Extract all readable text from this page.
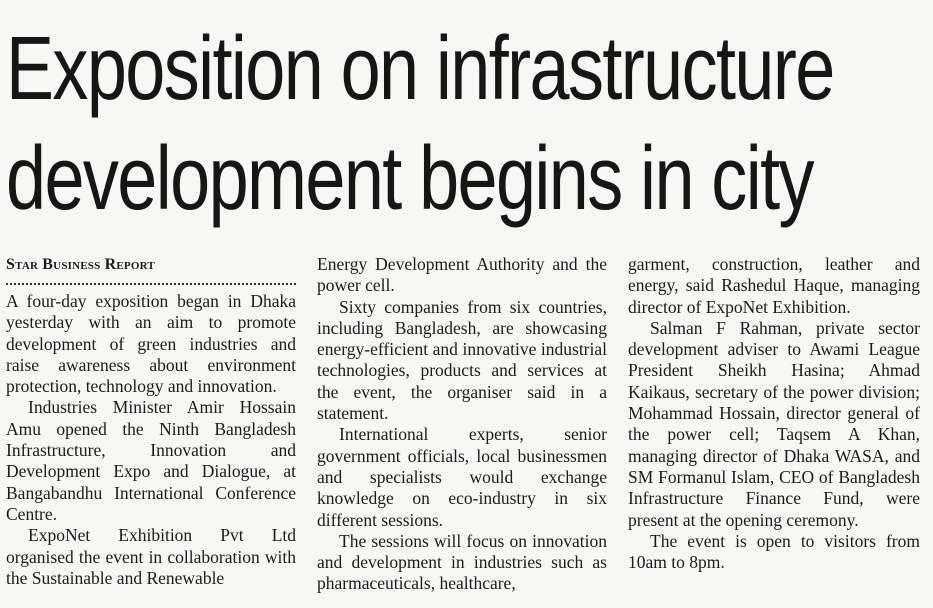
Exposition on infrastructure
development begins in city
Star Business Report

A four-day exposition began in Dhaka yesterday with an aim to promote development of green industries and raise awareness about environment protection, technology and innovation.

Industries Minister Amir Hossain Amu opened the Ninth Bangladesh Infrastructure, Innovation and Development Expo and Dialogue, at Bangabandhu International Conference Centre.

ExpoNet Exhibition Pvt Ltd organised the event in collaboration with the Sustainable and Renewable

Energy Development Authority and the power cell.

Sixty companies from six countries, including Bangladesh, are showcasing energy-efficient and innovative industrial technologies, products and services at the event, the organiser said in a statement.

International experts, senior government officials, local businessmen and specialists would exchange knowledge on eco-industry in six different sessions.

The sessions will focus on innovation and development in industries such as pharmaceuticals, healthcare,

garment, construction, leather and energy, said Rashedul Haque, managing director of ExpoNet Exhibition.

Salman F Rahman, private sector development adviser to Awami League President Sheikh Hasina; Ahmad Kaikaus, secretary of the power division; Mohammad Hossain, director general of the power cell; Taqsem A Khan, managing director of Dhaka WASA, and SM Formanul Islam, CEO of Bangladesh Infrastructure Finance Fund, were present at the opening ceremony.

The event is open to visitors from 10am to 8pm.
